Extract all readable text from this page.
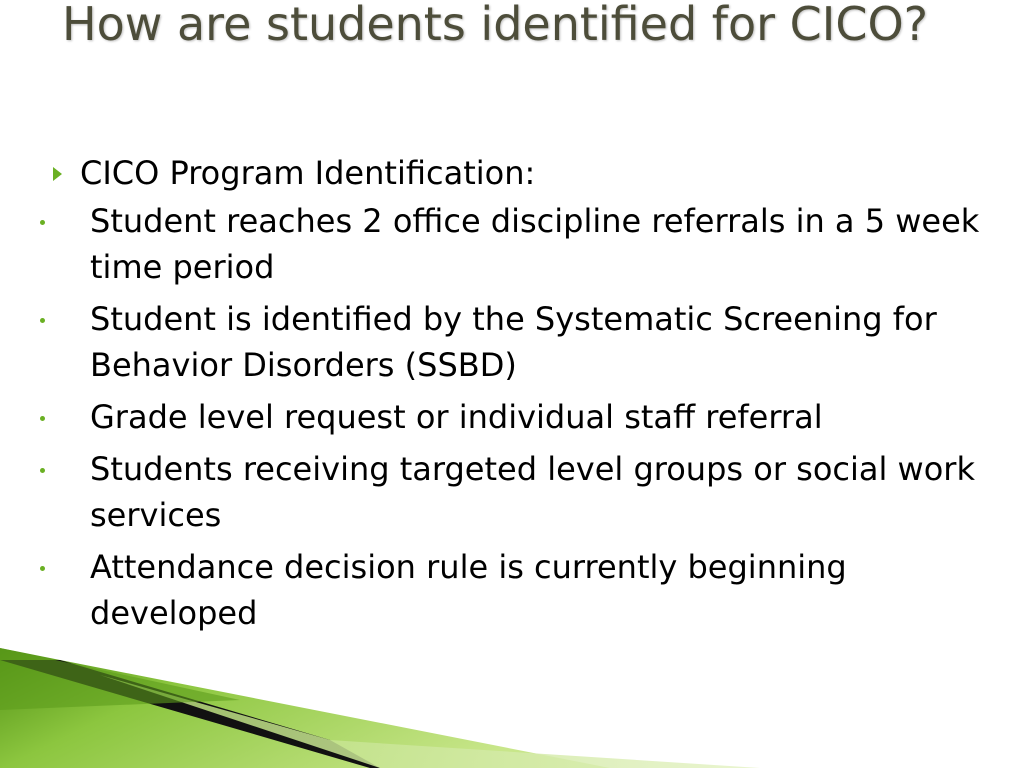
How are students identified for CICO?
CICO Program Identification:
Student reaches 2 office discipline referrals in a 5 week time period
Student is identified by the Systematic Screening for Behavior Disorders (SSBD)
Grade level request or individual staff referral
Students receiving targeted level groups or social work services
Attendance decision rule is currently beginning developed
